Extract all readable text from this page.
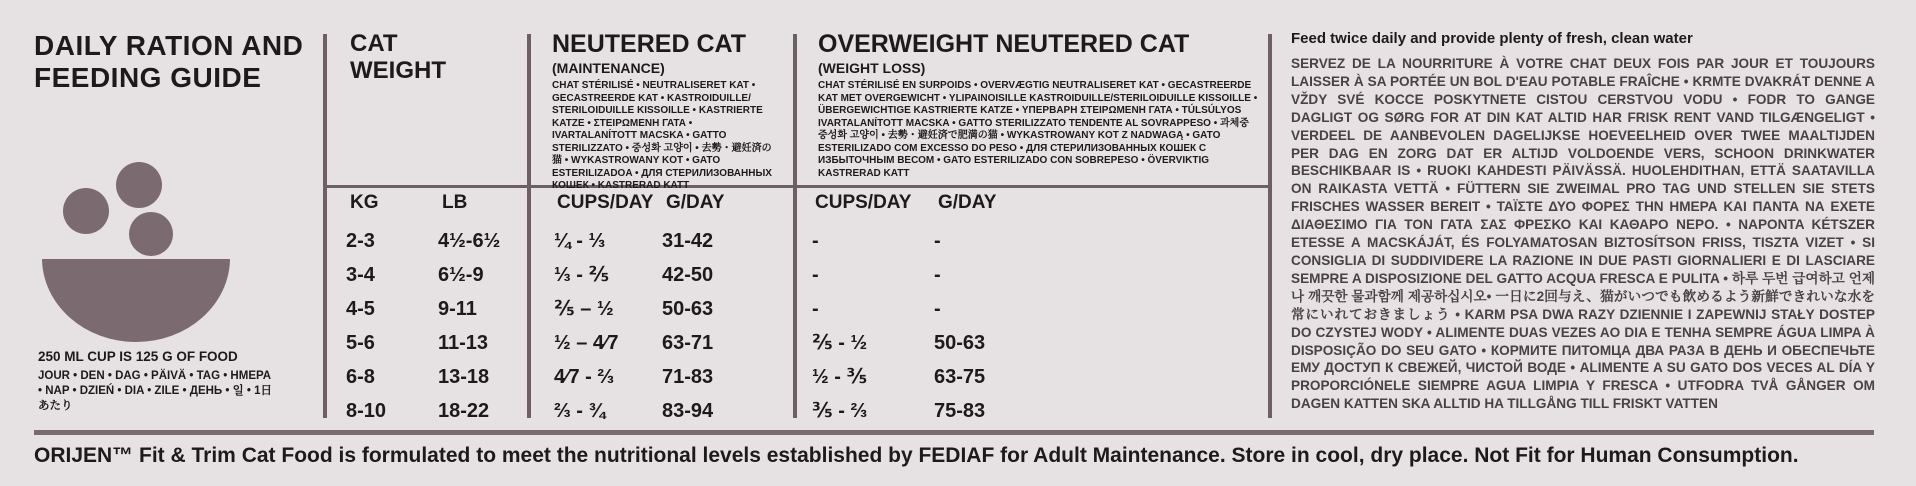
DAILY RATION AND FEEDING GUIDE
250 ML CUP IS 125 G OF FOOD
JOUR • DEN • DAG • PÄIVÄ • TAG • ΗΜΕΡΑ • NAP • DZIEŃ • DIA • ZILE • ДЕНЬ • 일 • 1日あたり
CAT WEIGHT
NEUTERED CAT
(MAINTENANCE)
CHAT STÉRILISÉ • NEUTRALISERET KAT • GECASTREERDE KAT • KASTROIDUILLE/ STERILOIDUILLE KISSOILLE • KASTRIERTE KATZE • ΣΤΕΙΡΩΜΕΝΗ ΓΑΤΑ • IVARTALANÍTOTT MACSKA • GATTO STERILIZZATO • 중성화 고양이 • 去勢・避妊済の猫 • WYKASTROWANY KOT • GATO ESTERILIZADOA • ДЛЯ СТЕРИЛИЗОВАННЫХ КОШЕК • KASTRERAD KATT
OVERWEIGHT NEUTERED CAT
(WEIGHT LOSS)
CHAT STÉRILISÉ EN SURPOIDS • OVERVÆGTIG NEUTRALISERET KAT • GECASTREERDE KAT MET OVERGEWICHT • YLIPAINOISILLE KASTROIDUILLE/STERILOIDUILLE KISSOILLE • ÜBERGEWICHTIGE KASTRIERTE KATZE • ΥΠΕΡΒΑΡΗ ΣΤΕΙΡΩΜΕΝΗ ΓΑΤΑ • TÚLSÚLYOS IVARTALANÍTOTT MACSKA • GATTO STERILIZZATO TENDENTE AL SOVRAPPESO • 과체중 중성화 고양이 • 去勢・避妊済で肥満の猫 • WYKASTROWANY KOT Z NADWAGĄ • GATO ESTERILIZADO COM EXCESSO DO PESO • ДЛЯ СТЕРИЛИЗОВАННЫХ КОШЕК С ИЗБЫТОЧНЫМ ВЕСОМ • GATO ESTERILIZADO CON SOBREPESO • ÖVERVIKTIG KASTRERAD KATT
KG	LB	CUPS/DAY G/DAY	CUPS/DAY G/DAY
2-3	4½-6½	¼ - ⅓	31-42	-	-
3-4	6½-9	⅓ - ⅖	42-50	-	-
4-5	9-11	⅖ – ½ 50-63	-	-
5-6	11-13	½ – 4⁄7 63-71	⅖ - ½	50-63
6-8	13-18	4⁄7 - ⅔ 71-83	½ - ⅗	63-75
8-10	18-22	⅔ - ¾	83-94	⅗ - ⅔	75-83
Feed twice daily and provide plenty of fresh, clean water
SERVEZ DE LA NOURRITURE À VOTRE CHAT DEUX FOIS PAR JOUR ET TOUJOURS LAISSER À SA PORTÉE UN BOL D'EAU POTABLE FRAÎCHE • KRMTE DVAKRÁT DENNE A VŽDY SVÉ KOCCE POSKYTNETE CISTOU CERSTVOU VODU • FODR TO GANGE DAGLIGT OG SØRG FOR AT DIN KAT ALTID HAR FRISK RENT VAND TILGÆNGELIGT • VERDEEL DE AANBEVOLEN DAGELIJKSE HOEVEELHEID OVER TWEE MAALTIJDEN PER DAG EN ZORG DAT ER ALTIJD VOLDOENDE VERS, SCHOON DRINKWATER BESCHIKBAAR IS • RUOKI KAHDESTI PÄIVÄSSÄ. HUOLEHDITHAN, ETTÄ SAATAVILLA ON RAIKASTA VETTÄ • FÜTTERN SIE ZWEIMAL PRO TAG UND STELLEN SIE STETS FRISCHES WASSER BEREIT • ΤΑΪΣΤΕ ΔΥΟ ΦΟΡΕΣ ΤΗΝ ΗΜΕΡΑ ΚΑΙ ΠΑΝΤΑ ΝΑ ΕΧΕΤΕ ΔΙΑΘΕΣΙΜΟ ΓΙΑ ΤΟΝ ΓΑΤΑ ΣΑΣ ΦΡΕΣΚΟ ΚΑΙ ΚΑΘΑΡΟ ΝΕΡΟ. • NAPONTA KÉTSZER ETESSE A MACSKÁJÁT, ÉS FOLYAMATOSAN BIZTOSÍTSON FRISS, TISZTA VIZET • SI CONSIGLIA DI SUDDIVIDERE LA RAZIONE IN DUE PASTI GIORNALIERI E DI LASCIARE SEMPRE A DISPOSIZIONE DEL GATTO ACQUA FRESCA E PULITA • 하루 두번 급여하고 언제나 깨끗한 물과함께 제공하십시오• 一日に2回与え、猫がいつでも飲めるよう新鮮できれいな水を常にいれておきましょう • KARM PSA DWA RAZY DZIENNIE I ZAPEWNIJ STAŁY DOSTEP DO CZYSTEJ WODY • ALIMENTE DUAS VEZES AO DIA E TENHA SEMPRE ÁGUA LIMPA À DISPOSIÇÃO DO SEU GATO • КОРМИТЕ ПИТОМЦА ДВА РАЗА В ДЕНЬ И ОБЕСПЕЧЬТЕ ЕМУ ДОСТУП К СВЕЖЕЙ, ЧИСТОЙ ВОДЕ • ALIMENTE A SU GATO DOS VECES AL DÍA Y PROPORCIÓNELE SIEMPRE AGUA LIMPIA Y FRESCA • UTFODRA TVÅ GÅNGER OM DAGEN KATTEN SKA ALLTID HA TILLGÅNG TILL FRISKT VATTEN
ORIJEN™ Fit & Trim Cat Food is formulated to meet the nutritional levels established by FEDIAF for Adult Maintenance. Store in cool, dry place. Not Fit for Human Consumption.
